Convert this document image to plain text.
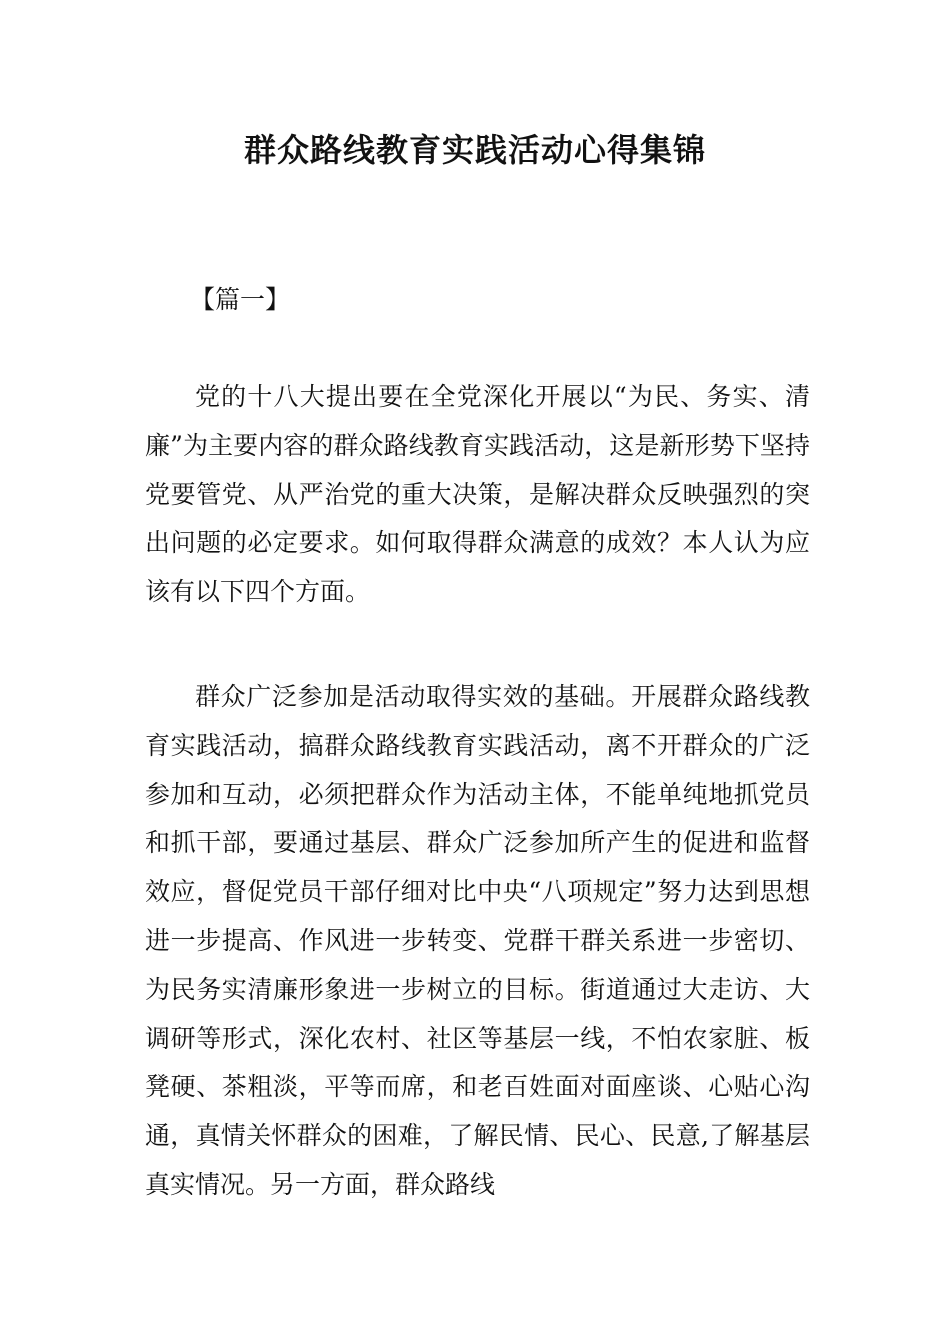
群众路线教育实践活动心得集锦

【篇一】

党的十八大提出要在全党深化开展以“为民、务实、清廉”为主要内容的群众路线教育实践活动，这是新形势下坚持党要管党、从严治党的重大决策，是解决群众反映强烈的突出问题的必定要求。如何取得群众满意的成效？本人认为应该有以下四个方面。

群众广泛参加是活动取得实效的基础。开展群众路线教育实践活动，搞群众路线教育实践活动，离不开群众的广泛参加和互动，必须把群众作为活动主体，不能单纯地抓党员和抓干部，要通过基层、群众广泛参加所产生的促进和监督效应，督促党员干部仔细对比中央“八项规定”努力达到思想进一步提高、作风进一步转变、党群干群关系进一步密切、为民务实清廉形象进一步树立的目标。街道通过大走访、大调研等形式，深化农村、社区等基层一线，不怕农家脏、板凳硬、茶粗淡，平等而席，和老百姓面对面座谈、心贴心沟通，真情关怀群众的困难，了解民情、民心、民意,了解基层真实情况。另一方面，群众路线
